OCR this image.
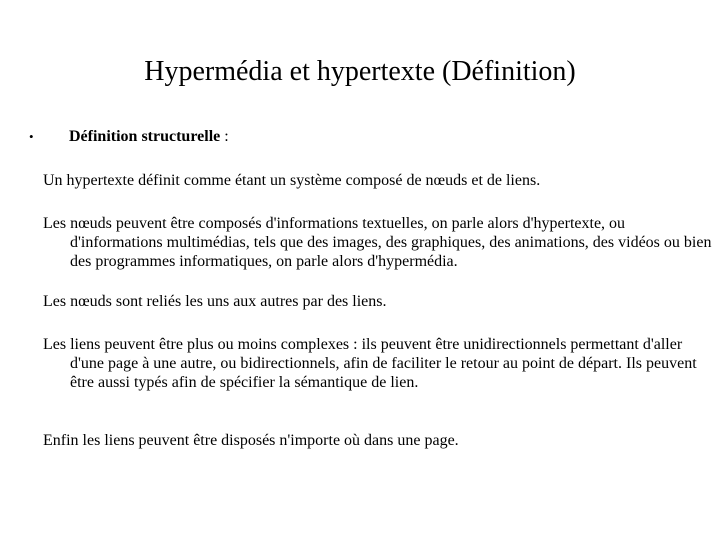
Hypermédia et hypertexte (Définition)
• Définition structurelle :

Un hypertexte définit comme étant un système composé de nœuds et de liens.

Les nœuds peuvent être composés d'informations textuelles, on parle alors d'hypertexte, ou d'informations multimédias, tels que des images, des graphiques, des animations, des vidéos ou bien des programmes informatiques, on parle alors d'hypermédia.

Les nœuds sont reliés les uns aux autres par des liens.

Les liens peuvent être plus ou moins complexes : ils peuvent être unidirectionnels permettant d'aller d'une page à une autre, ou bidirectionnels, afin de faciliter le retour au point de départ. Ils peuvent être aussi typés afin de spécifier la sémantique de lien.

Enfin les liens peuvent être disposés n'importe où dans une page.
